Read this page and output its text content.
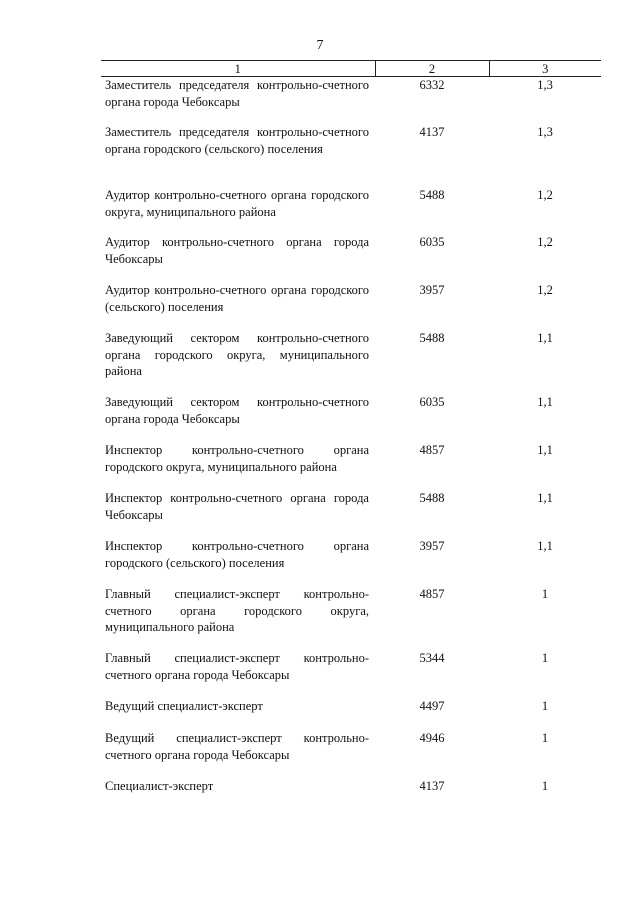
7
1	2	3
Заместитель председателя контрольно-счетного органа города Чебоксары	6332	1,3
Заместитель председателя контрольно-счетного органа городского (сельского) поселения	4137	1,3
Аудитор контрольно-счетного органа городского округа, муниципального района	5488	1,2
Аудитор контрольно-счетного органа города Чебоксары	6035	1,2
Аудитор контрольно-счетного органа городского (сельского) поселения	3957	1,2
Заведующий сектором контрольно-счетного органа городского округа, муниципального района	5488	1,1
Заведующий сектором контрольно-счетного органа города Чебоксары	6035	1,1
Инспектор контрольно-счетного органа городского округа, муниципального района	4857	1,1
Инспектор контрольно-счетного органа города Чебоксары	5488	1,1
Инспектор контрольно-счетного органа городского (сельского) поселения	3957	1,1
Главный специалист-эксперт контрольно-счетного органа городского округа, муниципального района	4857	1
Главный специалист-эксперт контрольно-счетного органа города Чебоксары	5344	1
Ведущий специалист-эксперт	4497	1
Ведущий специалист-эксперт контрольно-счетного органа города Чебоксары	4946	1
Специалист-эксперт	4137	1
